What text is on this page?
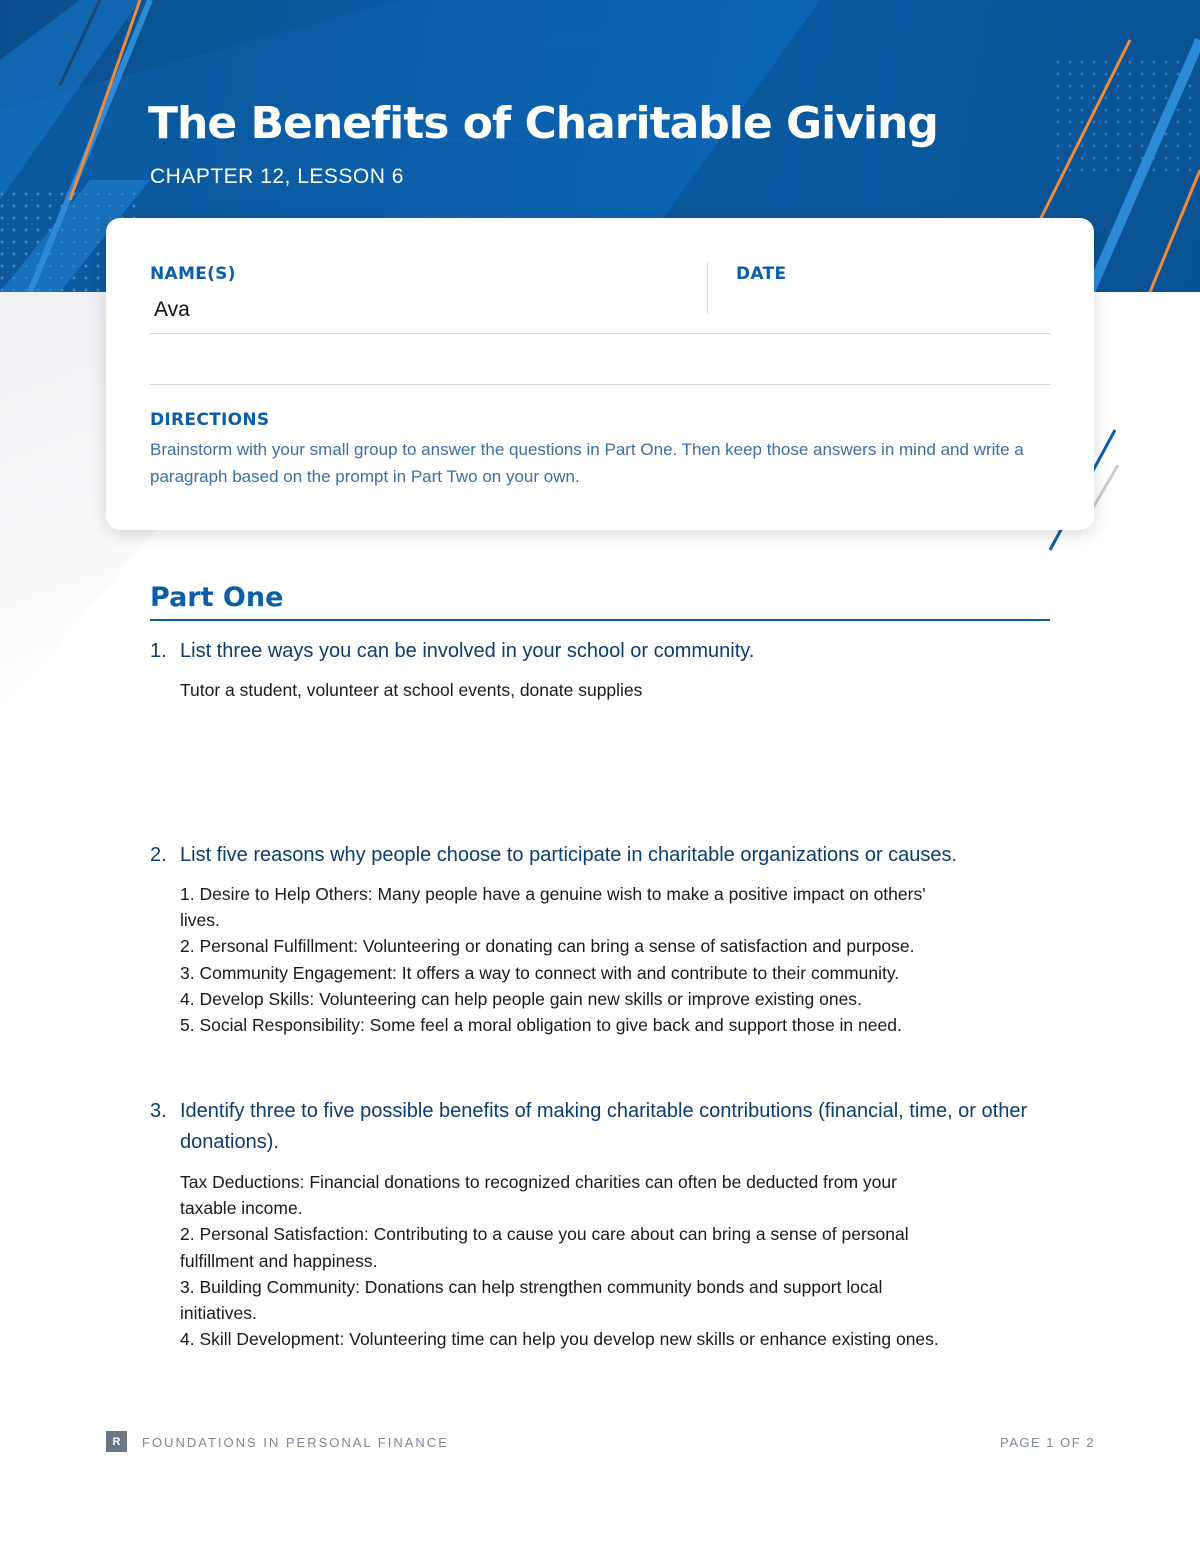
The Benefits of Charitable Giving
CHAPTER 12, LESSON 6
NAME(S)
Ava
DATE
DIRECTIONS
Brainstorm with your small group to answer the questions in Part One. Then keep those answers in mind and write a paragraph based on the prompt in Part Two on your own.
Part One
1. List three ways you can be involved in your school or community.
Tutor a student, volunteer at school events, donate supplies
2. List five reasons why people choose to participate in charitable organizations or causes.
1. Desire to Help Others: Many people have a genuine wish to make a positive impact on others'
lives.
2. Personal Fulfillment: Volunteering or donating can bring a sense of satisfaction and purpose.
3. Community Engagement: It offers a way to connect with and contribute to their community.
4. Develop Skills: Volunteering can help people gain new skills or improve existing ones.
5. Social Responsibility: Some feel a moral obligation to give back and support those in need.
3. Identify three to five possible benefits of making charitable contributions (financial, time, or other donations).
Tax Deductions: Financial donations to recognized charities can often be deducted from your
taxable income.
2. Personal Satisfaction: Contributing to a cause you care about can bring a sense of personal
fulfillment and happiness.
3. Building Community: Donations can help strengthen community bonds and support local
initiatives.
4. Skill Development: Volunteering time can help you develop new skills or enhance existing ones.
R	FOUNDATIONS IN PERSONAL FINANCE	PAGE 1 OF 2
